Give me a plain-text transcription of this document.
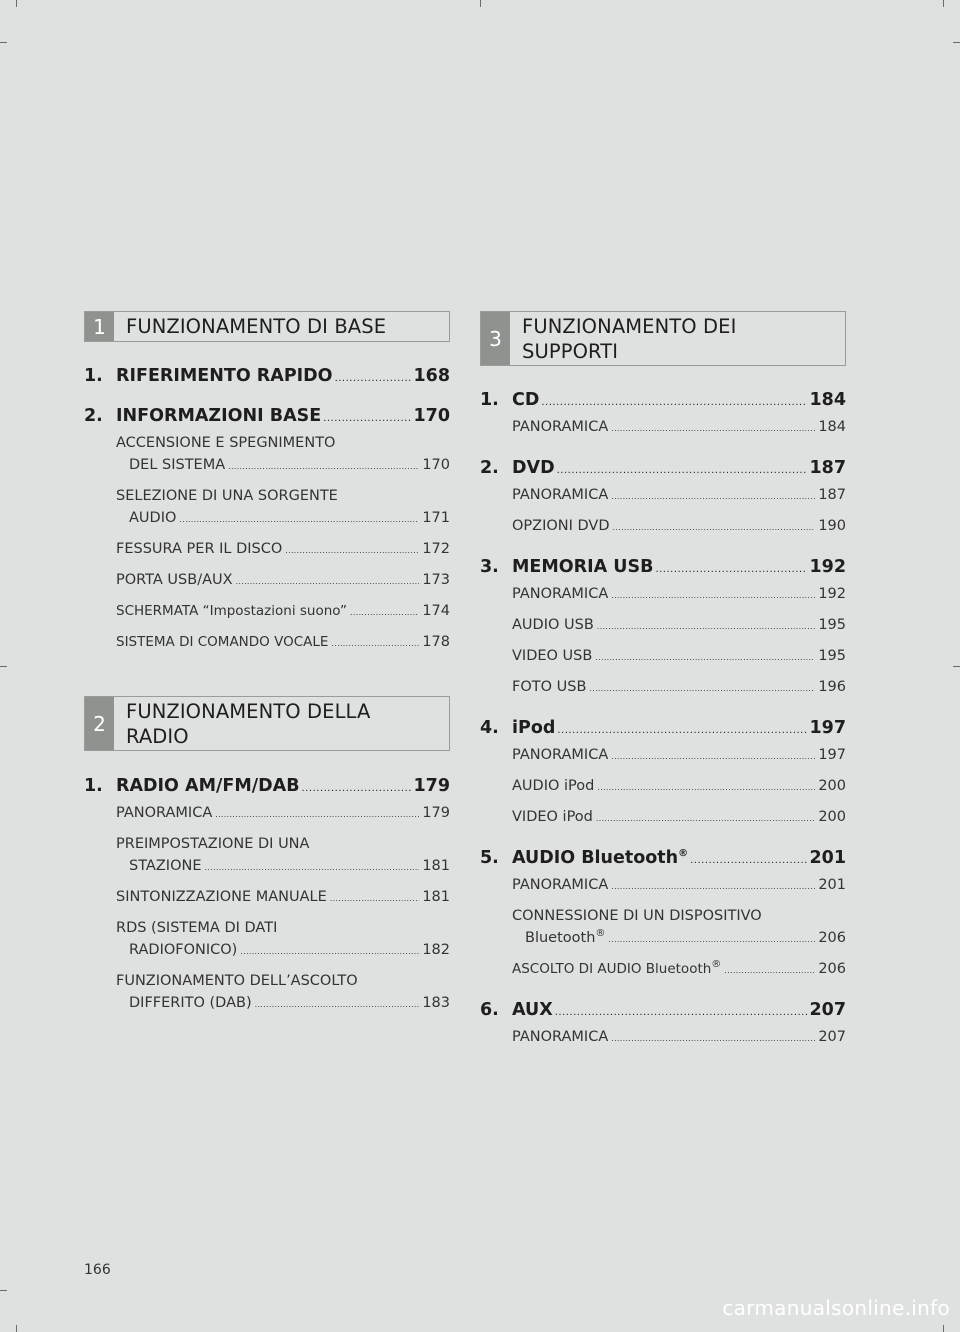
1	FUNZIONAMENTO DI BASE
1. RIFERIMENTO RAPIDO .....	168
2. INFORMAZIONI BASE .....	170
ACCENSIONE E SPEGNIMENTO
DEL SISTEMA .....	170
SELEZIONE DI UNA SORGENTE
AUDIO .....	171
FESSURA PER IL DISCO .....	172
PORTA USB/AUX .....	173
SCHERMATA “Impostazioni suono” .....	174
SISTEMA DI COMANDO VOCALE .....	178
2
FUNZIONAMENTO DELLA
RADIO
1. RADIO AM/FM/DAB .....	179
PANORAMICA .....	179
PREIMPOSTAZIONE DI UNA
STAZIONE .....	181
SINTONIZZAZIONE MANUALE .....	181
RDS (SISTEMA DI DATI
RADIOFONICO) .....	182
FUNZIONAMENTO DELL’ASCOLTO
DIFFERITO (DAB) .....	183
3
FUNZIONAMENTO DEI
SUPPORTI
1. CD .....	184
PANORAMICA .....	184
2. DVD .....	187
PANORAMICA .....	187
OPZIONI DVD .....	190
3. MEMORIA USB .....	192
PANORAMICA .....	192
AUDIO USB .....	195
VIDEO USB .....	195
FOTO USB .....	196
4. iPod .....	197
PANORAMICA .....	197
AUDIO iPod .....	200
VIDEO iPod .....	200
5. AUDIO Bluetooth® .....	201
PANORAMICA .....	201
CONNESSIONE DI UN DISPOSITIVO
Bluetooth® .....	206
ASCOLTO DI AUDIO Bluetooth® .....	206
6. AUX .....	207
PANORAMICA .....	207
166
carmanualsonline.info
